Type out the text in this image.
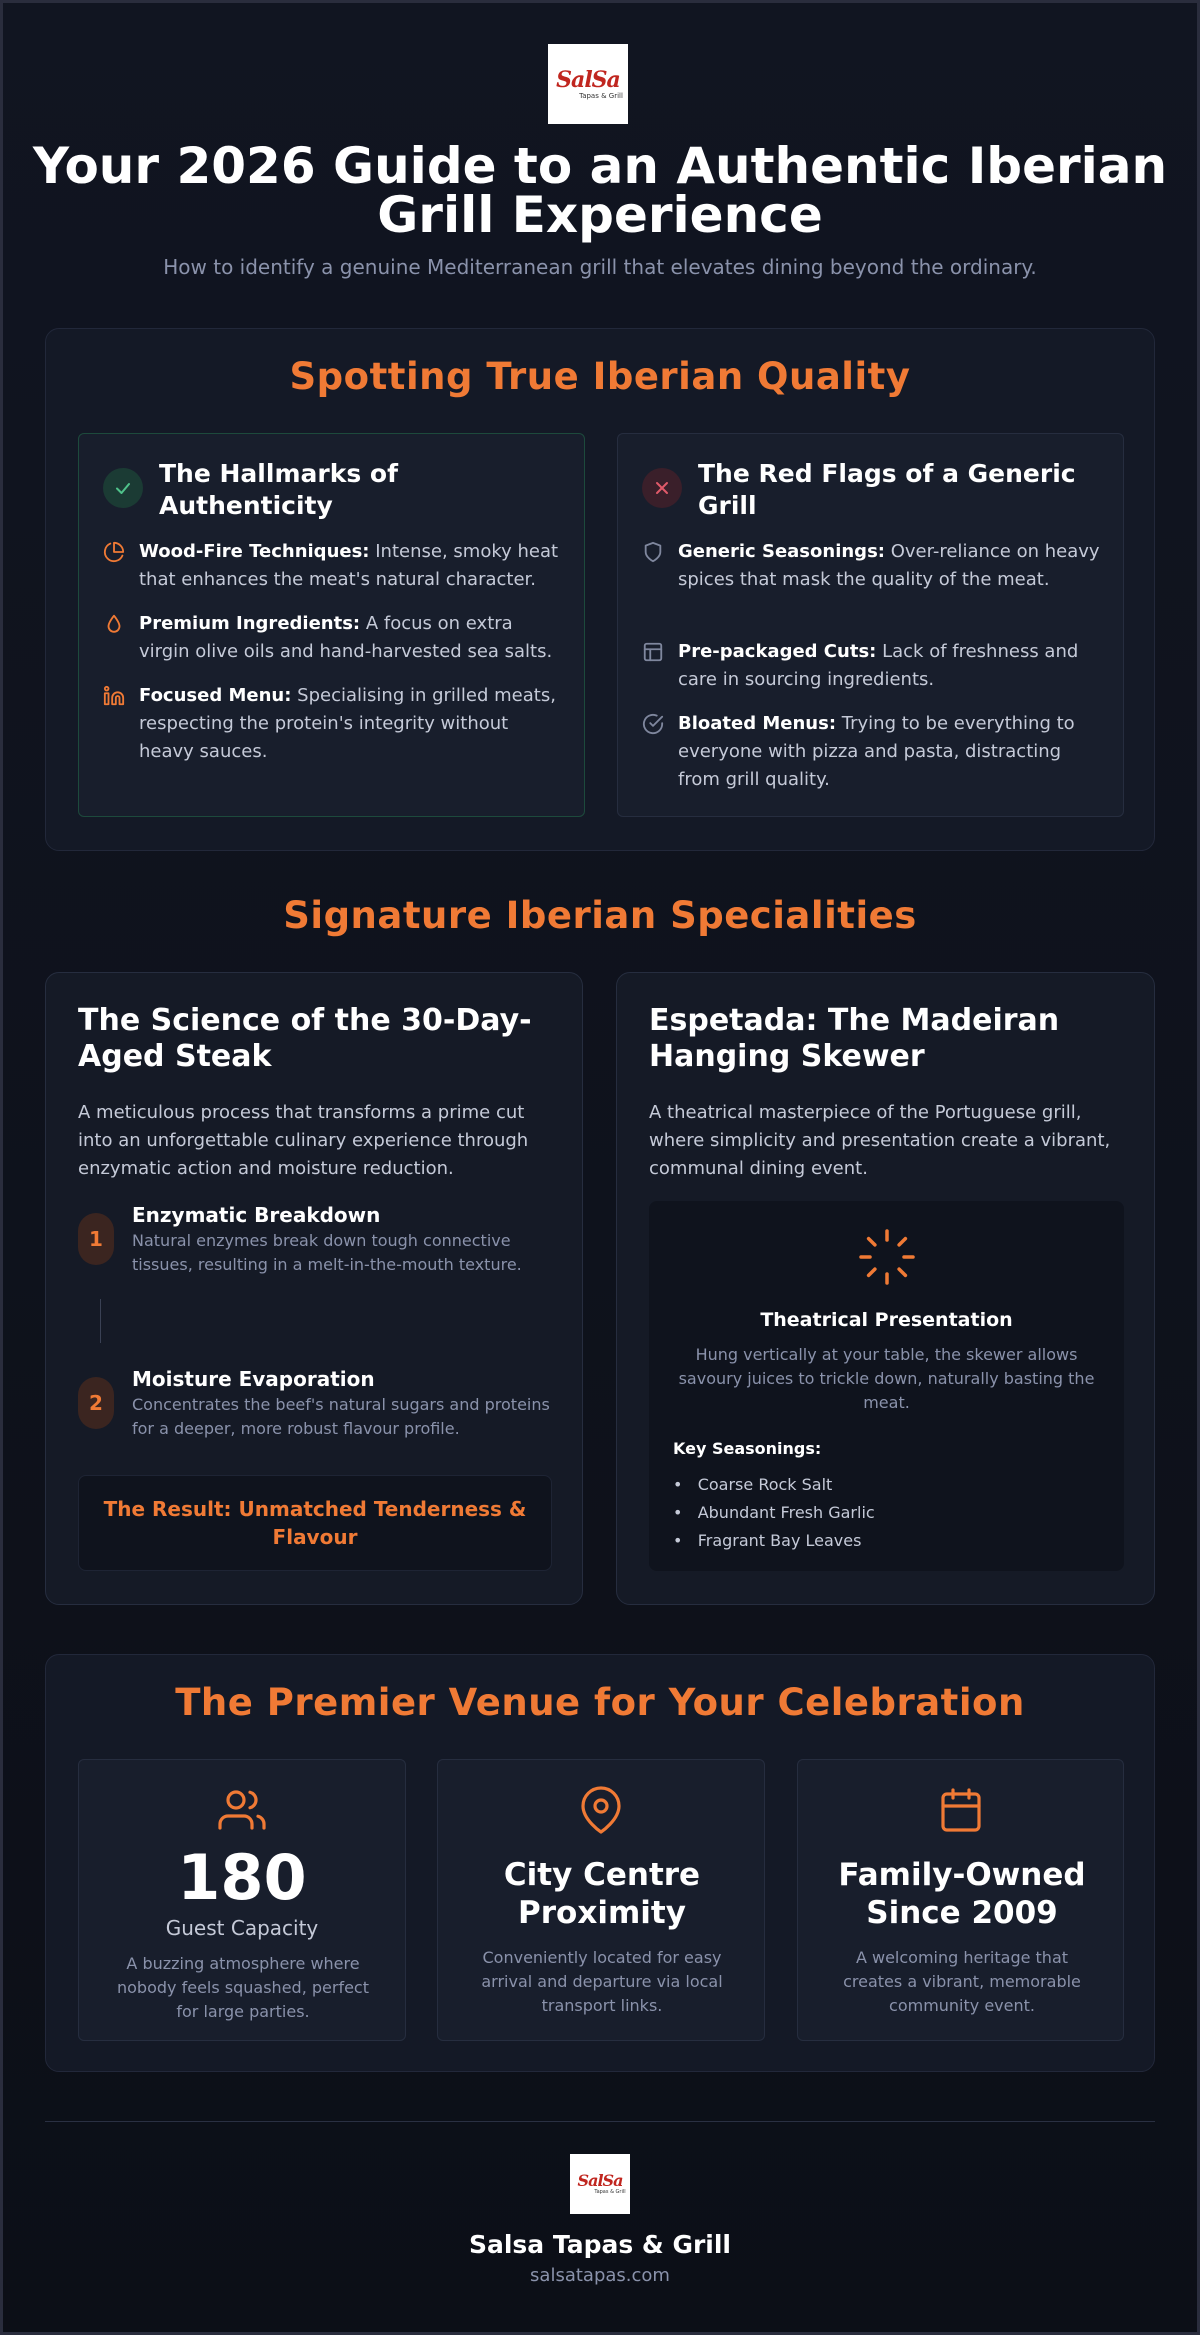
SalSa
Tapas & Grill
Your 2026 Guide to an Authentic Iberian
Grill Experience
How to identify a genuine Mediterranean grill that elevates dining beyond the ordinary.
Spotting True Iberian Quality
The Hallmarks of Authenticity
Wood-Fire Techniques: Intense, smoky heat that enhances the meat's natural character.
Premium Ingredients: A focus on extra virgin olive oils and hand-harvested sea salts.
Focused Menu: Specialising in grilled meats, respecting the protein's integrity without heavy sauces.
The Red Flags of a Generic Grill
Generic Seasonings: Over-reliance on heavy spices that mask the quality of the meat.
Pre-packaged Cuts: Lack of freshness and care in sourcing ingredients.
Bloated Menus: Trying to be everything to everyone with pizza and pasta, distracting from grill quality.
Signature Iberian Specialities
The Science of the 30-Day-Aged Steak
A meticulous process that transforms a prime cut into an unforgettable culinary experience through enzymatic action and moisture reduction.
1
Enzymatic Breakdown
Natural enzymes break down tough connective tissues, resulting in a melt-in-the-mouth texture.
2
Moisture Evaporation
Concentrates the beef's natural sugars and proteins for a deeper, more robust flavour profile.
The Result: Unmatched Tenderness & Flavour
Espetada: The Madeiran Hanging Skewer
A theatrical masterpiece of the Portuguese grill, where simplicity and presentation create a vibrant, communal dining event.
Theatrical Presentation
Hung vertically at your table, the skewer allows savoury juices to trickle down, naturally basting the meat.
Key Seasonings:
•   Coarse Rock Salt
•   Abundant Fresh Garlic
•   Fragrant Bay Leaves
The Premier Venue for Your Celebration
180
Guest Capacity
A buzzing atmosphere where nobody feels squashed, perfect for large parties.
City Centre Proximity
Conveniently located for easy arrival and departure via local transport links.
Family-Owned Since 2009
A welcoming heritage that creates a vibrant, memorable community event.
SalSa
Tapas & Grill
Salsa Tapas & Grill
salsatapas.com
